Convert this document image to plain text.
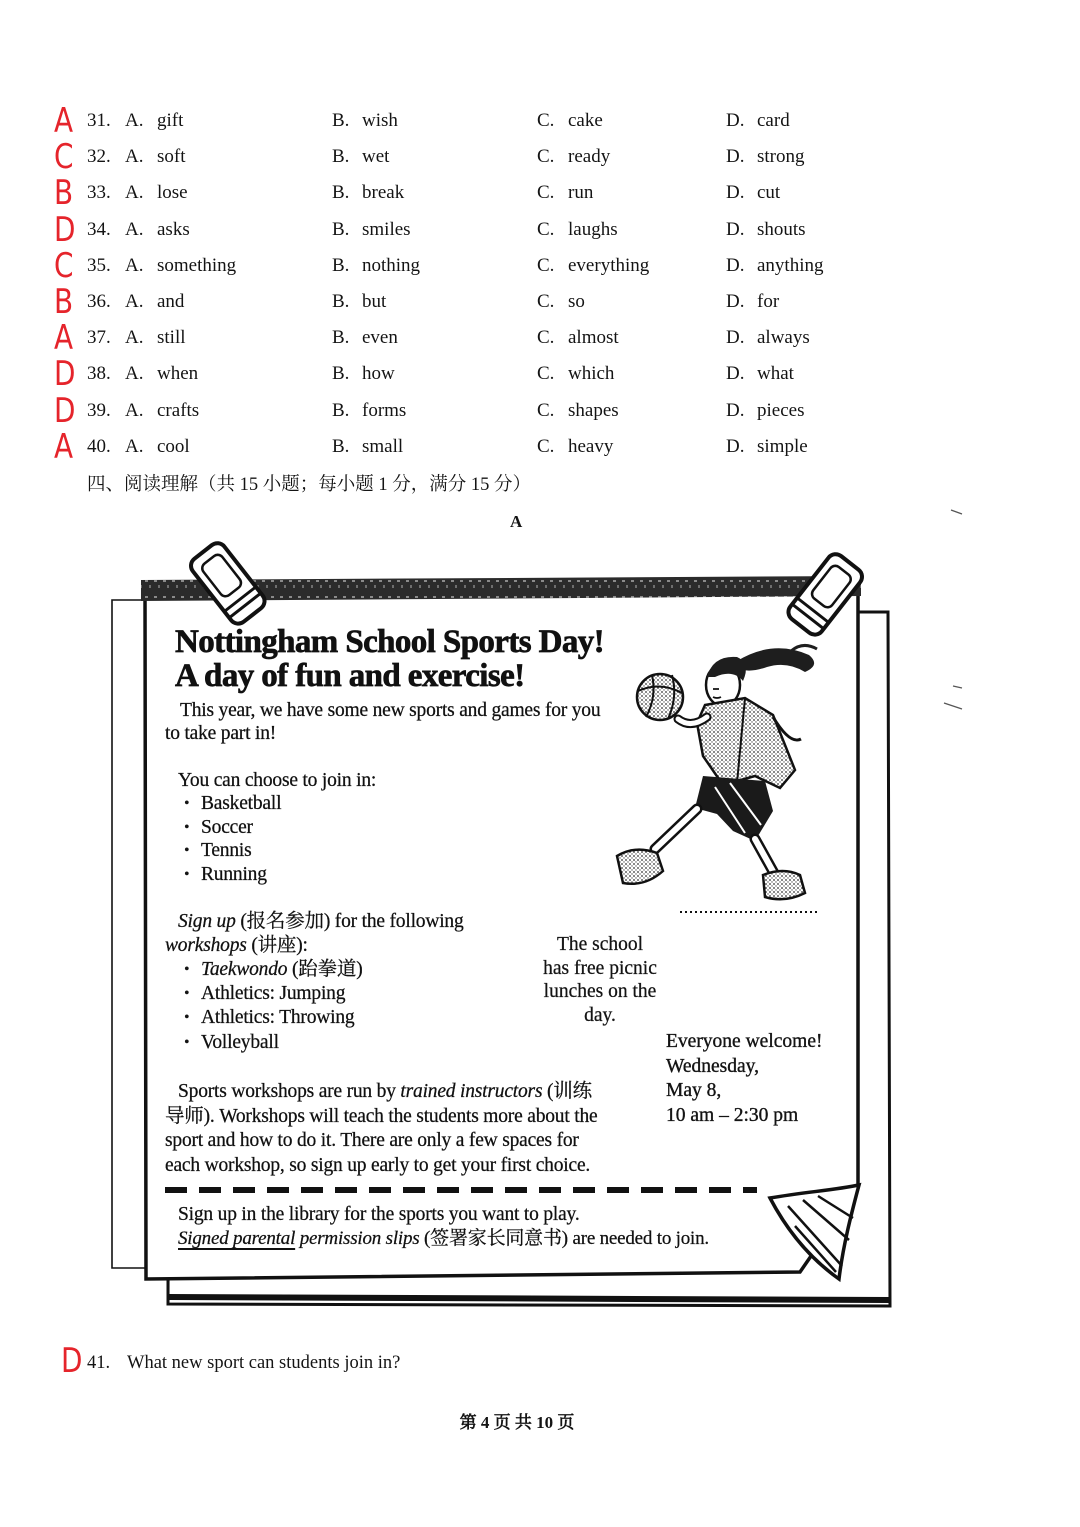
A 31. A. gift	B. wish	C. cake	D. card
C 32. A. soft	B. wet	C. ready	D. strong
B 33. A. lose	B. break	C. run	D. cut
D 34. A. asks	B. smiles	C. laughs	D. shouts
C 35. A. something	B. nothing	C. everything	D. anything
B 36. A. and	B. but	C. so	D. for
A 37. A. still	B. even	C. almost	D. always
D 38. A. when	B. how	C. which	D. what
D 39. A. crafts	B. forms	C. shapes	D. pieces
A 40. A. cool	B. small	C. heavy	D. simple
四、阅读理解（共 15 小题；每小题 1 分，满分 15 分）
A
Nottingham School Sports Day!
A day of fun and exercise!
This year, we have some new sports and games for you
to take part in!
You can choose to join in:
• Basketball
• Soccer
• Tennis
• Running
Sign up (报名参加) for the following
workshops (讲座):
• Taekwondo (跆拳道)
• Athletics: Jumping
• Athletics: Throwing
• Volleyball
The school
has free picnic
lunches on the
day.
Everyone welcome!
Wednesday,
May 8,
10 am – 2:30 pm
Sports workshops are run by trained instructors (训练
导师). Workshops will teach the students more about the
sport and how to do it. There are only a few spaces for
each workshop, so sign up early to get your first choice.
Sign up in the library for the sports you want to play.
Signed parental permission slips (签署家长同意书) are needed to join.
D 41. What new sport can students join in?
第 4 页 共 10 页
